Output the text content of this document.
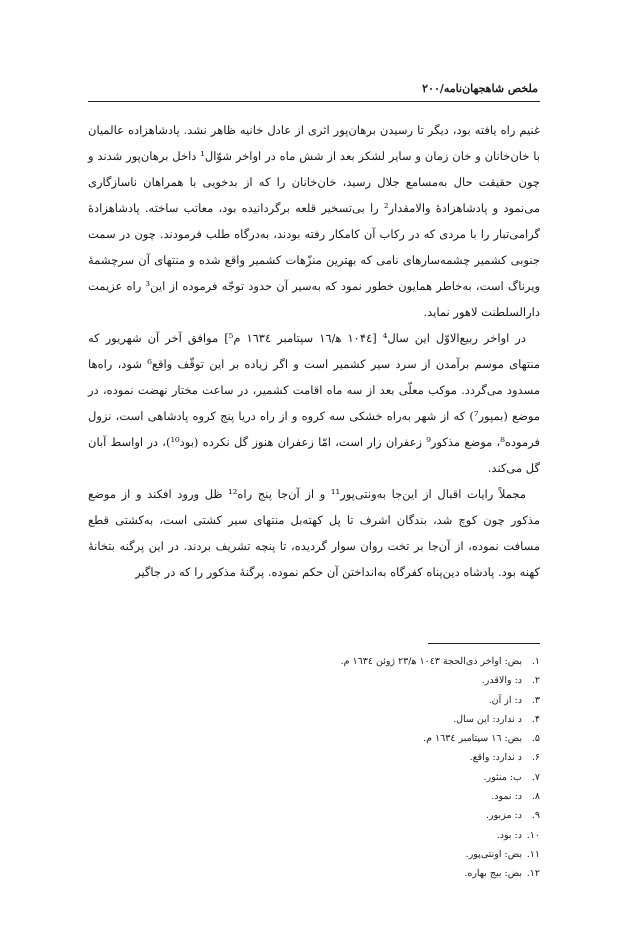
ملخص شاهجهان‌نامه/۲۰۰

غنیم راه یافته بود، دیگر تا رسیدن برهان‌پور اثری از عادل خانیه ظاهر نشد. پادشاهزاده عالمیان با خان‌خانان و خان زمان و سایر لشکر بعد از شش ماه در اواخر شوّال¹ داخل برهان‌پور شدند و چون حقیقت حال به‌مسامع جلال رسید، خان‌خانان را که از بدخویی با همراهان ناسازگاری می‌نمود و پادشاهزادهٔ والامقدار² را بی‌تسخیر قلعه برگردانیده بود، معاتب ساخته. پادشاهزادهٔ گرامی‌تبار را با مردی که در رکاب آن کامکار رفته بودند، به‌درگاه طلب فرمودند. چون در سمت جنوبی کشمیر چشمه‌سارهای نامی که بهترین منزّهات کشمیر واقع شده و منتهای آن سرچشمهٔ ویرناگ است، به‌خاطر همایون خطور نمود که به‌سیر آن حدود توجّه فرموده از این³ راه عزیمت دارالسلطنت لاهور نماید.

در اواخر ربیع‌الاوّل این سال⁴ [۱۰۴٤ ه‍/۱٦ سپتامبر ۱٦۳٤ م⁵] موافق آخر آن شهریور که منتهای موسم برآمدن از سرد سیر کشمیر است و اگر زیاده بر این توقّف واقع⁶ شود، راه‌ها مسدود می‌گردد. موکب معلّی بعد از سه ماه اقامت کشمیر، در ساعت مختار نهضت نموده، در موضع (بمپور⁷) که از شهر به‌راه خشکی سه کروه و از راه دریا پنج کروه پادشاهی است، نزول فرموده⁸، موضع مذکور⁹ زعفران زار است، امّا زعفران هنوز گل نکرده (بود¹⁰)، در اواسط آبان گل می‌کند.

مجملاً رایات اقبال از این‌جا به‌ونتی‌پور¹¹ و از آن‌جا پنج راه¹² ظل ورود افکند و از موضع مذکور چون کوچ شد، بندگان اشرف تا پل کهته‌بل منتهای سیر کشتی است، به‌کشتی قطع مسافت نموده، از آن‌جا بر تخت روان سوار گردیده، تا پنچه تشریف بردند. در این پرگنه بتخانهٔ کهنه بود. پادشاه دین‌پناه کفرگاه به‌انداختن آن حکم نموده. پرگنهٔ مذکور را که در جاگیر

۱.
بض: اواخر ذی‌الحجة ۱۰٤۳ ه‍/۲۳ ژوئن ۱٦۳٤ م.
۲.
د: والاقدر.
۳.
د: از آن.
۴.
د ندارد: این سال.
۵.
بض: ۱٦ سپتامبر ۱٦۳٤ م.
۶.
د ندارد: واقع.
۷.
ب: منثور.
۸.
د: نمود.
۹.
د: مزبور.
۱۰.
د: بود.
۱۱.
بض: اونتی‌پور.
۱۲.
بض: بیج بهاره.
